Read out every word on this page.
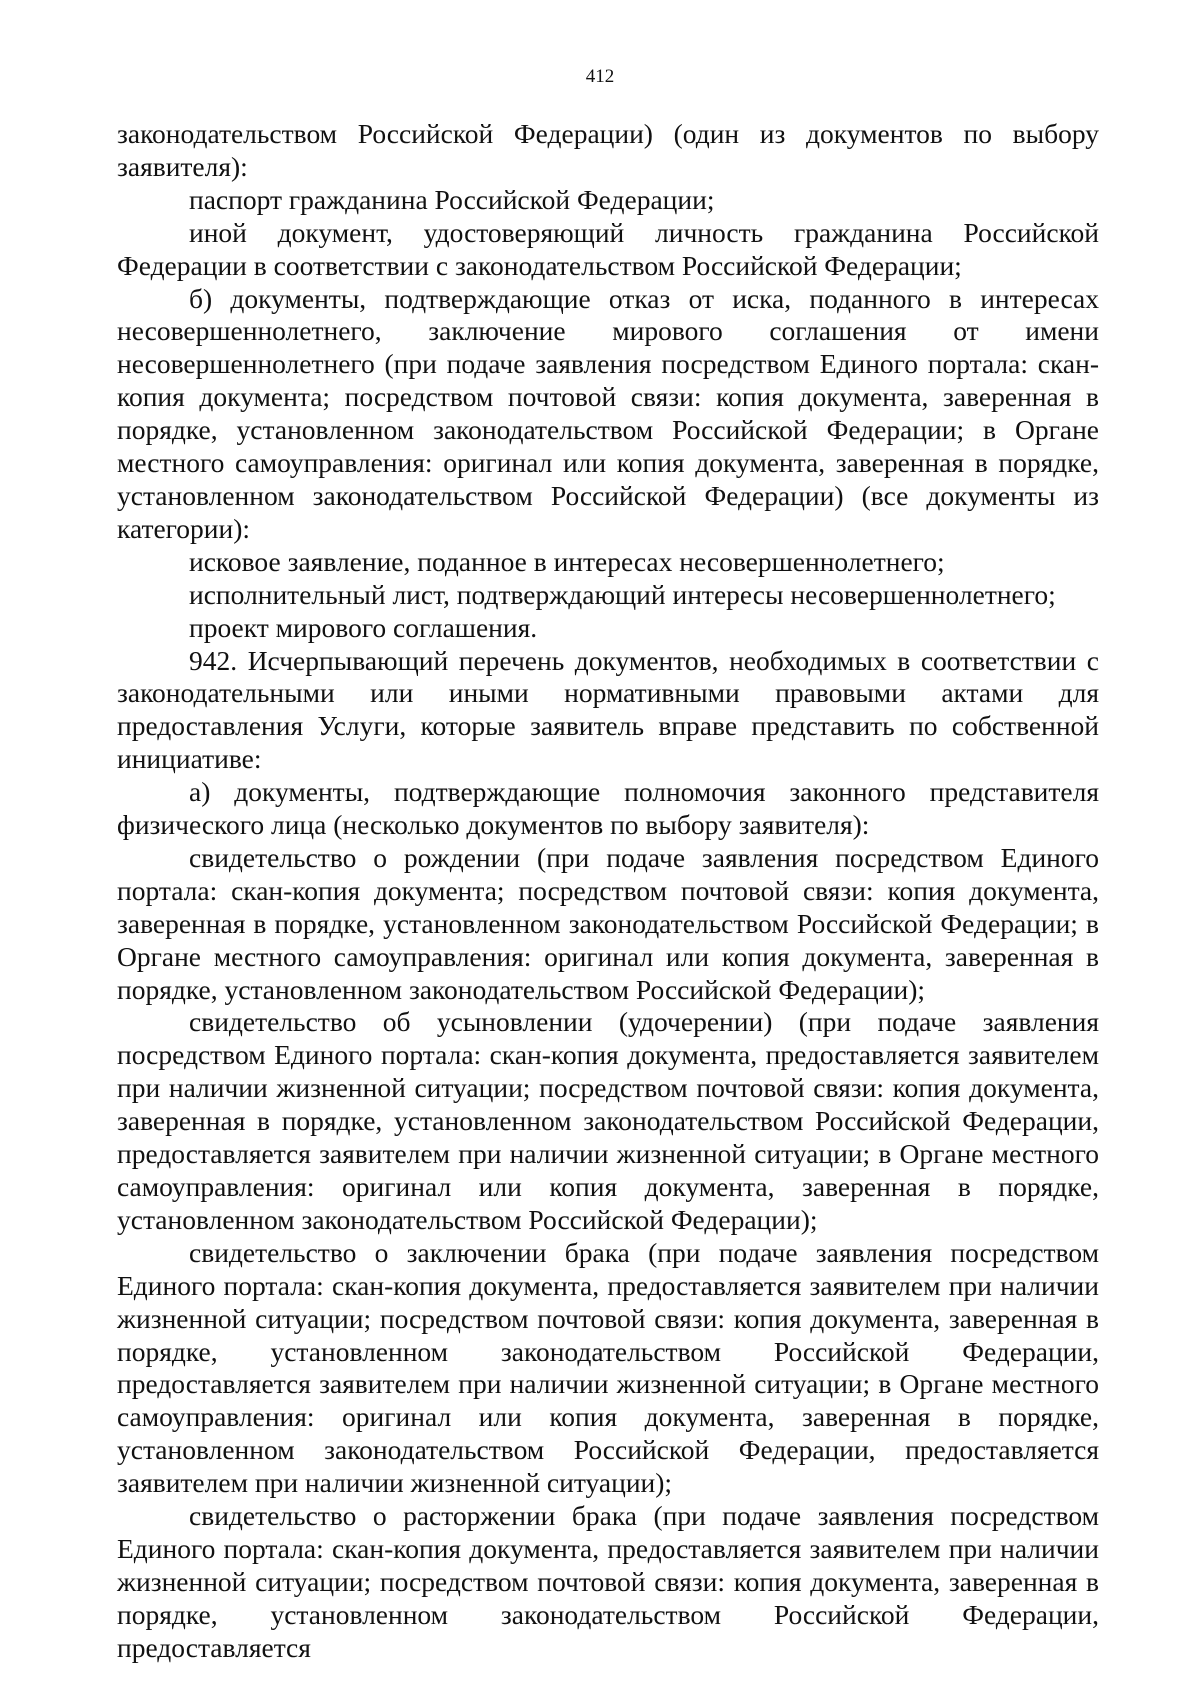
412

законодательством Российской Федерации) (один из документов по выбору заявителя):

паспорт гражданина Российской Федерации;

иной документ, удостоверяющий личность гражданина Российской Федерации в соответствии с законодательством Российской Федерации;

б) документы, подтверждающие отказ от иска, поданного в интересах несовершеннолетнего, заключение мирового соглашения от имени несовершеннолетнего (при подаче заявления посредством Единого портала: скан-копия документа; посредством почтовой связи: копия документа, заверенная в порядке, установленном законодательством Российской Федерации; в Органе местного самоуправления: оригинал или копия документа, заверенная в порядке, установленном законодательством Российской Федерации) (все документы из категории):

исковое заявление, поданное в интересах несовершеннолетнего;

исполнительный лист, подтверждающий интересы несовершеннолетнего;

проект мирового соглашения.

942. Исчерпывающий перечень документов, необходимых в соответствии с законодательными или иными нормативными правовыми актами для предоставления Услуги, которые заявитель вправе представить по собственной инициативе:

а) документы, подтверждающие полномочия законного представителя физического лица (несколько документов по выбору заявителя):

свидетельство о рождении (при подаче заявления посредством Единого портала: скан-копия документа; посредством почтовой связи: копия документа, заверенная в порядке, установленном законодательством Российской Федерации; в Органе местного самоуправления: оригинал или копия документа, заверенная в порядке, установленном законодательством Российской Федерации);

свидетельство об усыновлении (удочерении) (при подаче заявления посредством Единого портала: скан-копия документа, предоставляется заявителем при наличии жизненной ситуации; посредством почтовой связи: копия документа, заверенная в порядке, установленном законодательством Российской Федерации, предоставляется заявителем при наличии жизненной ситуации; в Органе местного самоуправления: оригинал или копия документа, заверенная в порядке, установленном законодательством Российской Федерации);

свидетельство о заключении брака (при подаче заявления посредством Единого портала: скан-копия документа, предоставляется заявителем при наличии жизненной ситуации; посредством почтовой связи: копия документа, заверенная в порядке, установленном законодательством Российской Федерации, предоставляется заявителем при наличии жизненной ситуации; в Органе местного самоуправления: оригинал или копия документа, заверенная в порядке, установленном законодательством Российской Федерации, предоставляется заявителем при наличии жизненной ситуации);

свидетельство о расторжении брака (при подаче заявления посредством Единого портала: скан-копия документа, предоставляется заявителем при наличии жизненной ситуации; посредством почтовой связи: копия документа, заверенная в порядке, установленном законодательством Российской Федерации, предоставляется
